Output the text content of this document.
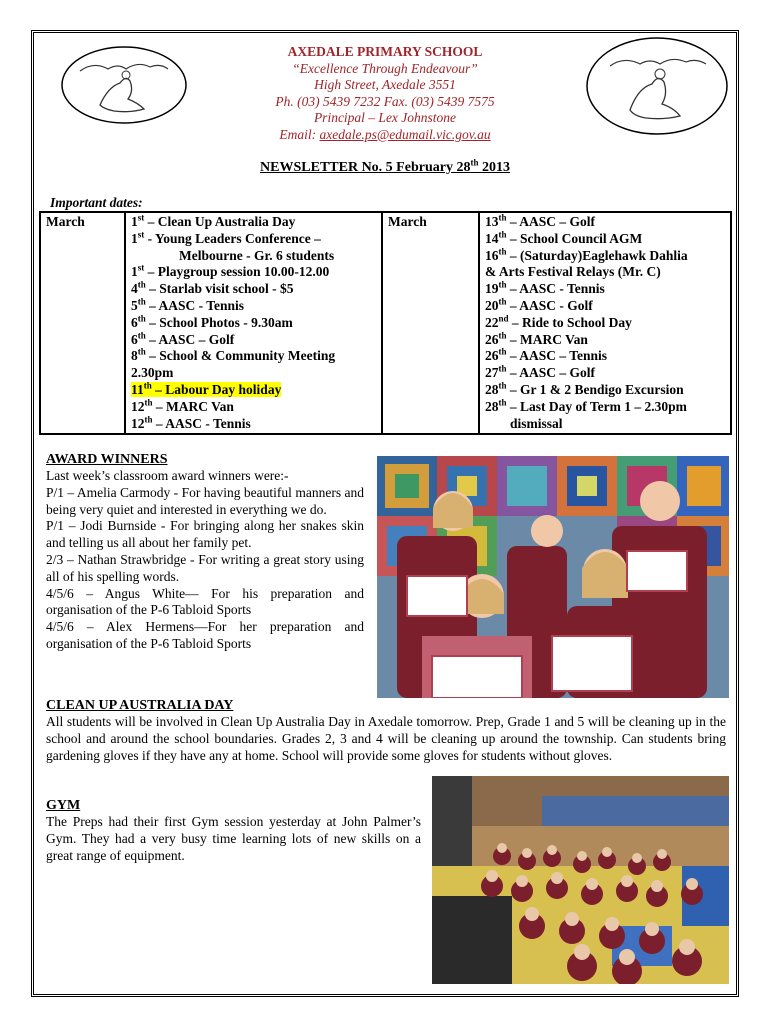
AXEDALE PRIMARY SCHOOL
“Excellence Through Endeavour”
High Street, Axedale 3551
Ph. (03) 5439 7232 Fax. (03) 5439 7575
Principal – Lex Johnstone
Email: axedale.ps@edumail.vic.gov.au
NEWSLETTER No. 5 February 28th 2013
Important dates:
March	1st – Clean Up Australia Day
1st - Young Leaders Conference –
Melbourne - Gr. 6 students
1st – Playgroup session 10.00-12.00
4th – Starlab visit school - $5
5th – AASC - Tennis
6th – School Photos - 9.30am
6th – AASC – Golf
8th – School & Community Meeting
2.30pm
11th – Labour Day holiday
12th – MARC Van
12th – AASC - Tennis
	March	13th – AASC – Golf
14th – School Council AGM
16th – (Saturday)Eaglehawk Dahlia
& Arts Festival Relays (Mr. C)
19th – AASC - Tennis
20th – AASC - Golf
22nd – Ride to School Day
26th – MARC Van
26th – AASC – Tennis
27th – AASC – Golf
28th – Gr 1 & 2 Bendigo Excursion
28th – Last Day of Term 1 – 2.30pm
dismissal
AWARD WINNERS
Last week’s classroom award winners were:-
P/1 – Amelia Carmody - For having beautiful manners and being very quiet and interested in everything we do.
P/1 – Jodi Burnside - For bringing along her snakes skin and telling us all about her family pet.
2/3 – Nathan Strawbridge - For writing a great story using all of his spelling words.
4/5/6 – Angus White— For his preparation and organisation of the P-6 Tabloid Sports
4/5/6 – Alex Hermens—For her preparation and organisation of the P-6 Tabloid Sports
CLEAN UP AUSTRALIA DAY
All students will be involved in Clean Up Australia Day in Axedale tomorrow. Prep, Grade 1 and 5 will be cleaning up in the school and around the school boundaries. Grades 2, 3 and 4 will be cleaning up around the township. Can students bring gardening gloves if they have any at home. School will provide some gloves for students without gloves.
GYM
The Preps had their first Gym session yesterday at John Palmer’s Gym. They had a very busy time learning lots of new skills on a great range of equipment.
